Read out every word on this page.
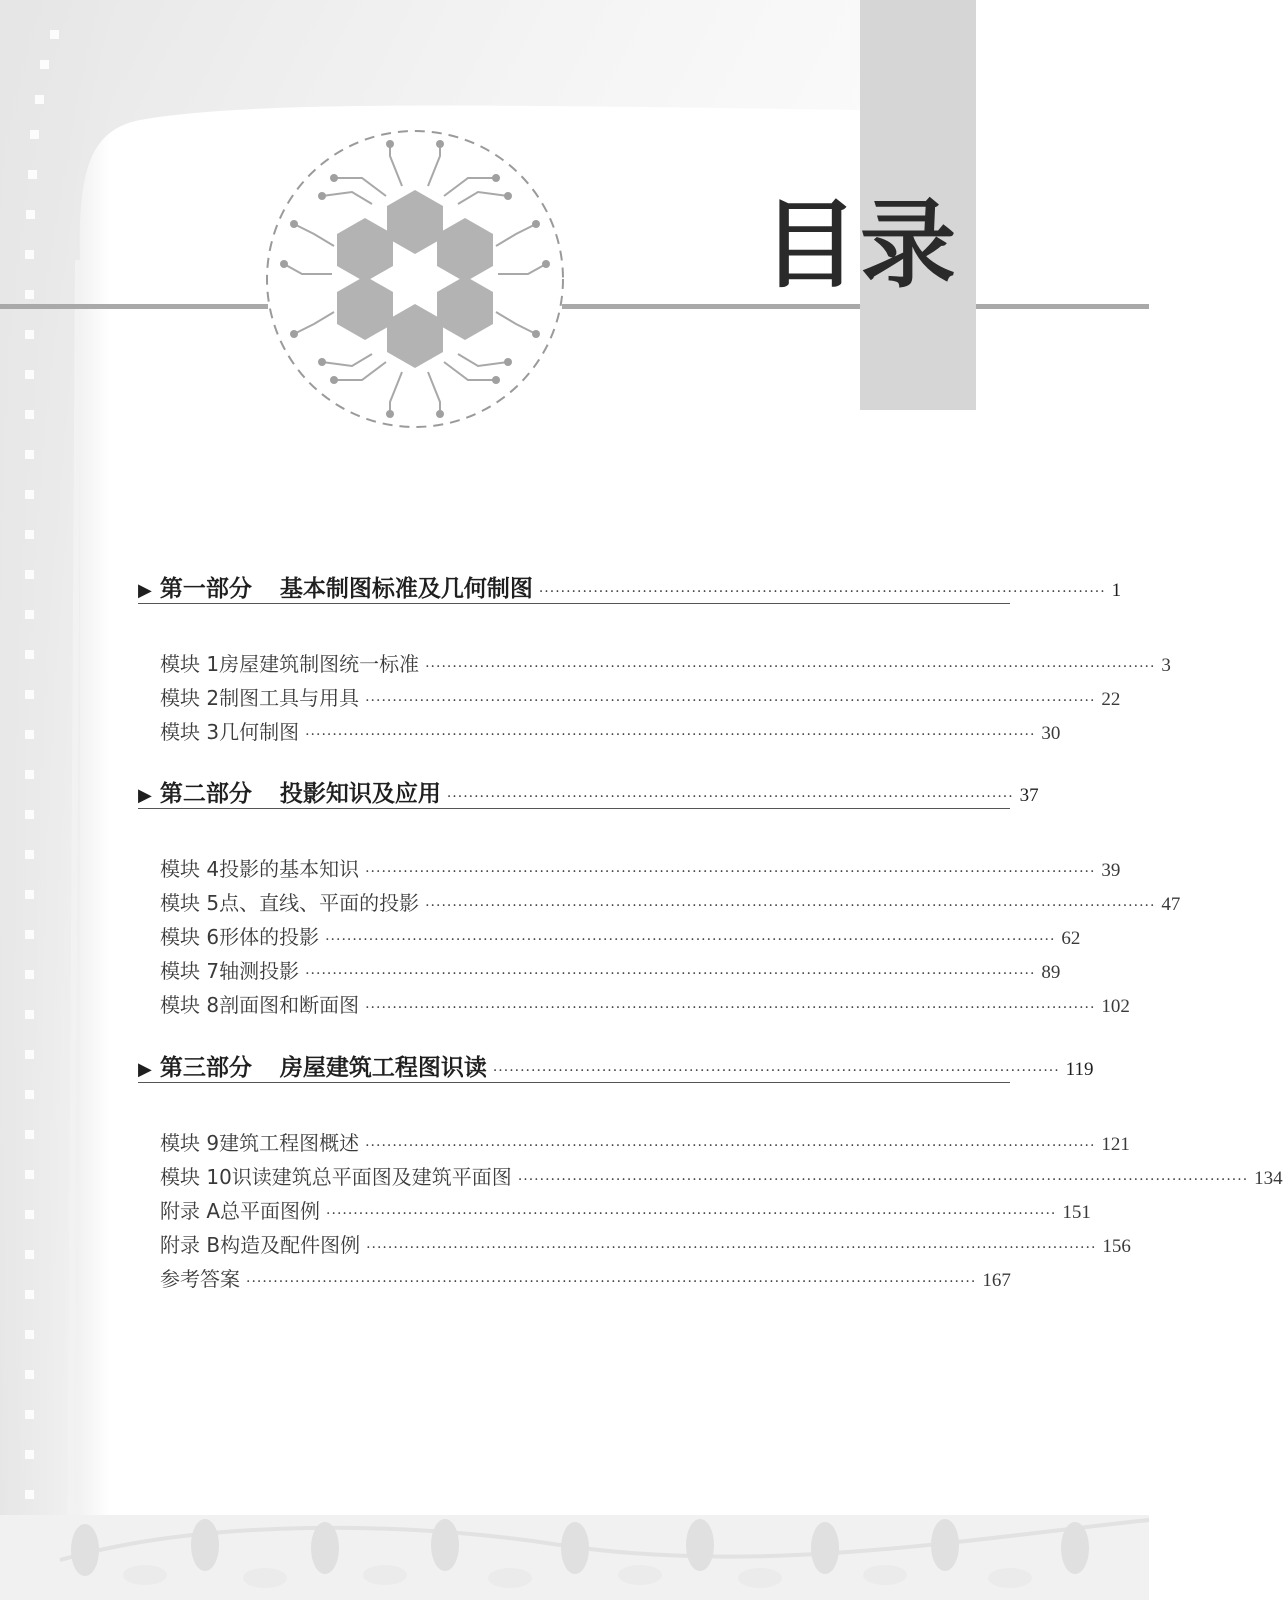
目录
▶ 第一部分 基本制图标准及几何制图 ········································································································ 1
模块 1 房屋建筑制图统一标准 ······································································································································ 3
模块 2 制图工具与用具 ······································································································································ 22
模块 3 几何制图 ······································································································································ 30
▶ 第二部分 投影知识及应用 ········································································································ 37
模块 4 投影的基本知识 ······································································································································ 39
模块 5 点、直线、平面的投影 ······································································································································ 47
模块 6 形体的投影 ······································································································································ 62
模块 7 轴测投影 ······································································································································ 89
模块 8 剖面图和断面图 ······································································································································ 102
▶ 第三部分 房屋建筑工程图识读 ········································································································ 119
模块 9 建筑工程图概述 ······································································································································ 121
模块 10 识读建筑总平面图及建筑平面图 ······································································································································ 134
附录 A 总平面图例 ······································································································································ 151
附录 B 构造及配件图例 ······································································································································ 156
参考答案 ······································································································································ 167
